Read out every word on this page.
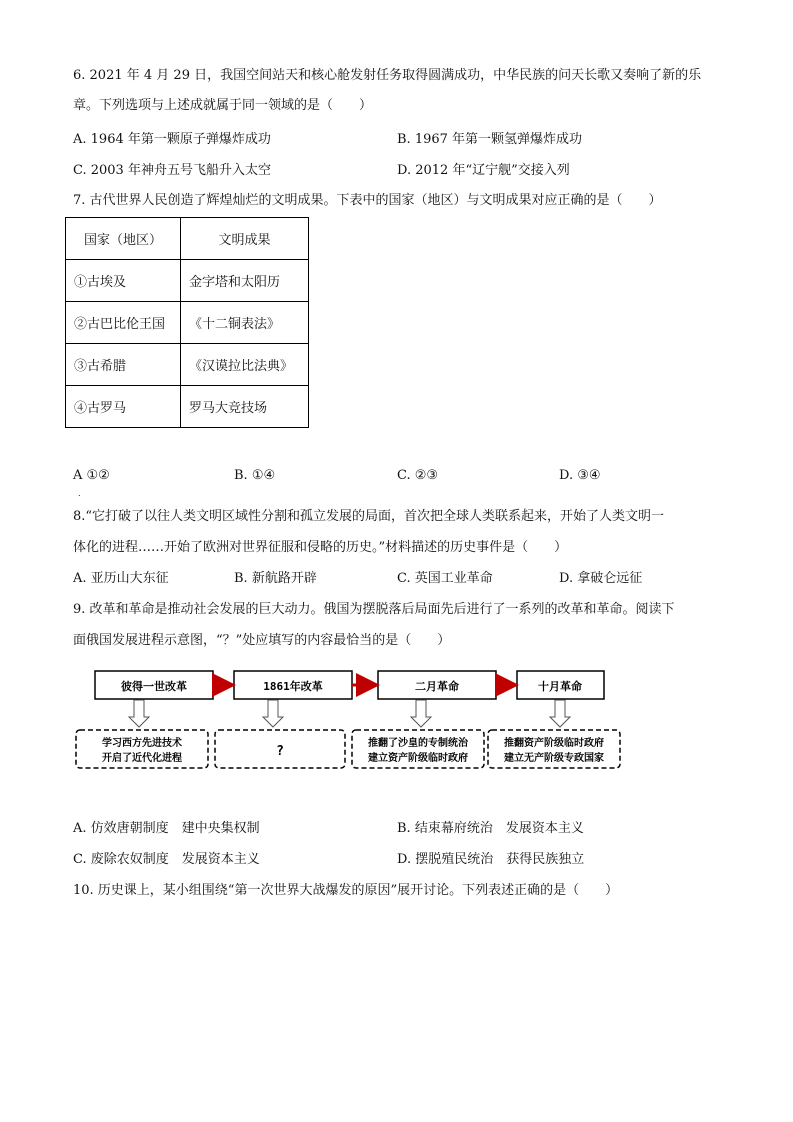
6. 2021 年 4 月 29 日，我国空间站天和核心舱发射任务取得圆满成功，中华民族的问天长歌又奏响了新的乐
章。下列选项与上述成就属于同一领域的是（　　）
A. 1964 年第一颗原子弹爆炸成功	B. 1967 年第一颗氢弹爆炸成功
C. 2003 年神舟五号飞船升入太空	D. 2012 年“辽宁舰”交接入列
7. 古代世界人民创造了辉煌灿烂的文明成果。下表中的国家（地区）与文明成果对应正确的是（　　）
国家（地区）	文明成果
①古埃及	金字塔和太阳历
②古巴比伦王国	《十二铜表法》
③古希腊	《汉谟拉比法典》
④古罗马	罗马大竞技场
A ①②	B. ①④	C. ②③	D. ③④
.
8.“它打破了以往人类文明区域性分割和孤立发展的局面，首次把全球人类联系起来，开始了人类文明一
体化的进程……开始了欧洲对世界征服和侵略的历史。”材料描述的历史事件是（　　）
A. 亚历山大东征	B. 新航路开辟	C. 英国工业革命	D. 拿破仑远征
9. 改革和革命是推动社会发展的巨大动力。俄国为摆脱落后局面先后进行了一系列的改革和革命。阅读下
面俄国发展进程示意图，“？”处应填写的内容最恰当的是（　　）
彼得一世改革	1861年改革	二月革命	十月革命
学习西方先进技术
开启了近代化进程	?
推翻了沙皇的专制统治
建立资产阶级临时政府
推翻资产阶级临时政府
建立无产阶级专政国家
A. 仿效唐朝制度　建中央集权制	B. 结束幕府统治　发展资本主义
C. 废除农奴制度　发展资本主义	D. 摆脱殖民统治　获得民族独立
10. 历史课上，某小组围绕“第一次世界大战爆发的原因”展开讨论。下列表述正确的是（　　）
